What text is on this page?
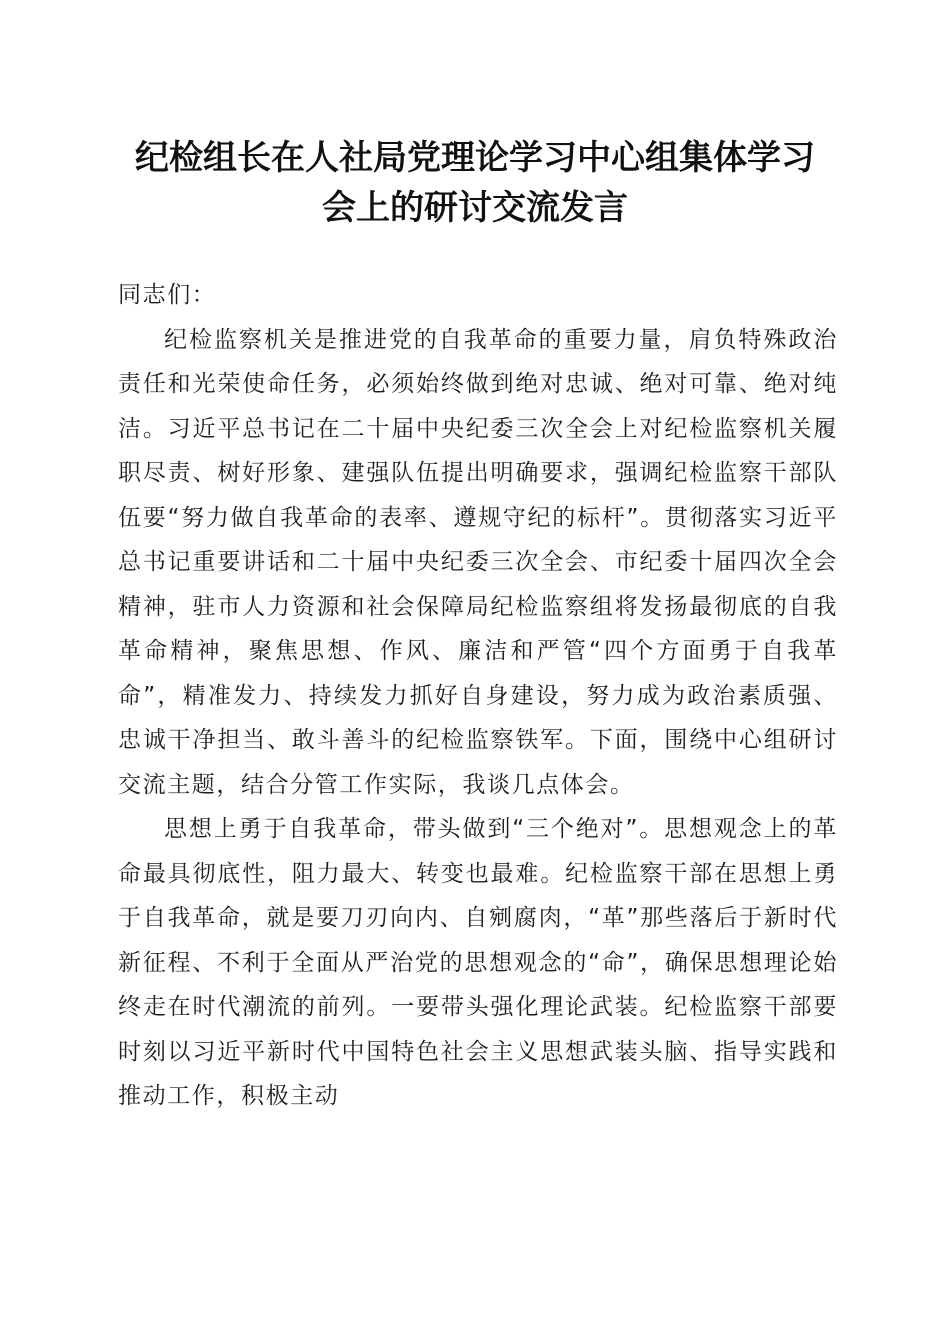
纪检组长在人社局党理论学习中心组集体学习
会上的研讨交流发言

同志们：

纪检监察机关是推进党的自我革命的重要力量，肩负特殊政治责任和光荣使命任务，必须始终做到绝对忠诚、绝对可靠、绝对纯洁。习近平总书记在二十届中央纪委三次全会上对纪检监察机关履职尽责、树好形象、建强队伍提出明确要求，强调纪检监察干部队伍要“努力做自我革命的表率、遵规守纪的标杆”。贯彻落实习近平总书记重要讲话和二十届中央纪委三次全会、市纪委十届四次全会精神，驻市人力资源和社会保障局纪检监察组将发扬最彻底的自我革命精神，聚焦思想、作风、廉洁和严管“四个方面勇于自我革命”，精准发力、持续发力抓好自身建设，努力成为政治素质强、忠诚干净担当、敢斗善斗的纪检监察铁军。下面，围绕中心组研讨交流主题，结合分管工作实际，我谈几点体会。

思想上勇于自我革命，带头做到“三个绝对”。思想观念上的革命最具彻底性，阻力最大、转变也最难。纪检监察干部在思想上勇于自我革命，就是要刀刃向内、自剜腐肉，“革”那些落后于新时代新征程、不利于全面从严治党的思想观念的“命”，确保思想理论始终走在时代潮流的前列。一要带头强化理论武装。纪检监察干部要时刻以习近平新时代中国特色社会主义思想武装头脑、指导实践和推动工作，积极主动
